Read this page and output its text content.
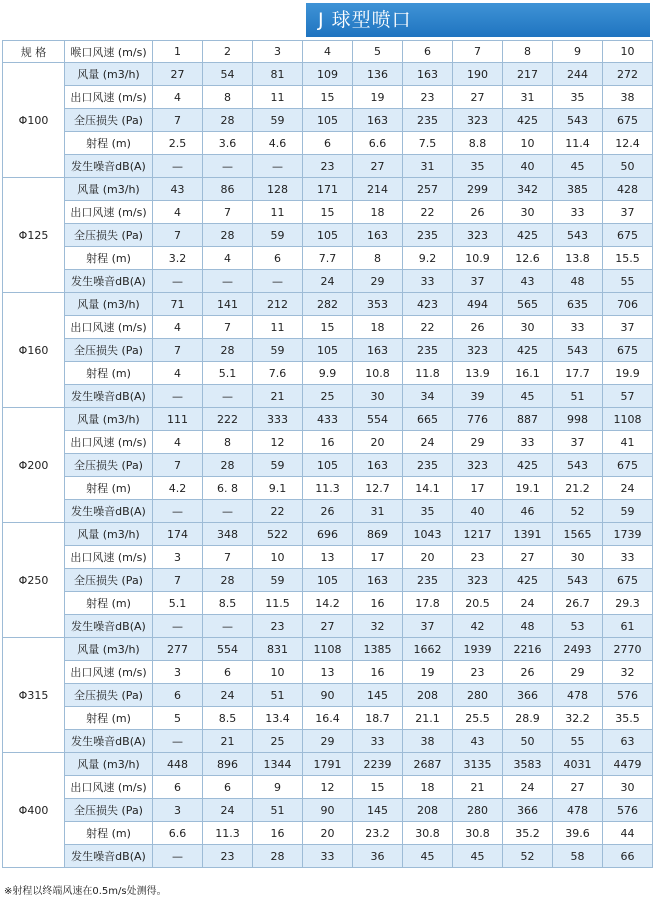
J 球型喷口
规 格	喉口风速 (m/s)	1	2	3	4	5	6	7	8	9	10
Φ100	风量 (m3/h)	27	54	81	109	136	163	190	217	244	272
	出口风速 (m/s)	4	8	11	15	19	23	27	31	35	38
	全压损失 (Pa)	7	28	59	105	163	235	323	425	543	675
	射程 (m)	2.5	3.6	4.6	6	6.6	7.5	8.8	10	11.4	12.4
	发生噪音dB(A)	—	—	—	23	27	31	35	40	45	50
Φ125	风量 (m3/h)	43	86	128	171	214	257	299	342	385	428
	出口风速 (m/s)	4	7	11	15	18	22	26	30	33	37
	全压损失 (Pa)	7	28	59	105	163	235	323	425	543	675
	射程 (m)	3.2	4	6	7.7	8	9.2	10.9	12.6	13.8	15.5
	发生噪音dB(A)	—	—	—	24	29	33	37	43	48	55
Φ160	风量 (m3/h)	71	141	212	282	353	423	494	565	635	706
	出口风速 (m/s)	4	7	11	15	18	22	26	30	33	37
	全压损失 (Pa)	7	28	59	105	163	235	323	425	543	675
	射程 (m)	4	5.1	7.6	9.9	10.8	11.8	13.9	16.1	17.7	19.9
	发生噪音dB(A)	—	—	21	25	30	34	39	45	51	57
Φ200	风量 (m3/h)	111	222	333	433	554	665	776	887	998	1108
	出口风速 (m/s)	4	8	12	16	20	24	29	33	37	41
	全压损失 (Pa)	7	28	59	105	163	235	323	425	543	675
	射程 (m)	4.2	6. 8	9.1	11.3	12.7	14.1	17	19.1	21.2	24
	发生噪音dB(A)	—	—	22	26	31	35	40	46	52	59
Φ250	风量 (m3/h)	174	348	522	696	869	1043	1217	1391	1565	1739
	出口风速 (m/s)	3	7	10	13	17	20	23	27	30	33
	全压损失 (Pa)	7	28	59	105	163	235	323	425	543	675
	射程 (m)	5.1	8.5	11.5	14.2	16	17.8	20.5	24	26.7	29.3
	发生噪音dB(A)	—	—	23	27	32	37	42	48	53	61
Φ315	风量 (m3/h)	277	554	831	1108	1385	1662	1939	2216	2493	2770
	出口风速 (m/s)	3	6	10	13	16	19	23	26	29	32
	全压损失 (Pa)	6	24	51	90	145	208	280	366	478	576
	射程 (m)	5	8.5	13.4	16.4	18.7	21.1	25.5	28.9	32.2	35.5
	发生噪音dB(A)	—	21	25	29	33	38	43	50	55	63
Φ400	风量 (m3/h)	448	896	1344	1791	2239	2687	3135	3583	4031	4479
	出口风速 (m/s)	6	6	9	12	15	18	21	24	27	30
	全压损失 (Pa)	3	24	51	90	145	208	280	366	478	576
	射程 (m)	6.6	11.3	16	20	23.2	30.8	30.8	35.2	39.6	44
	发生噪音dB(A)	—	23	28	33	36	45	45	52	58	66
※射程以终端风速在0.5m/s处测得。
